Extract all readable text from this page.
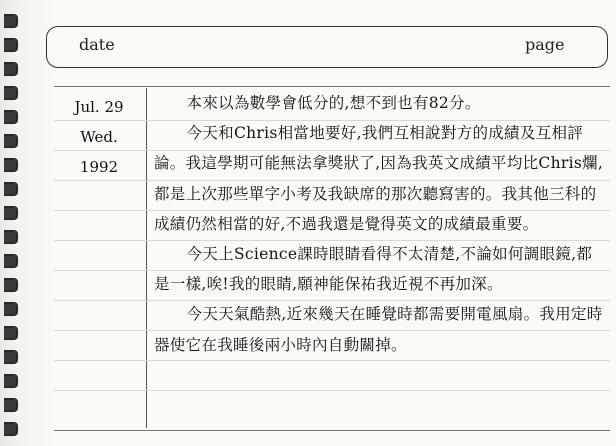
date	page
Jul. 29
Wed.
1992

本來以為數學會低分的,想不到也有82分。

今天和Chris相當地要好,我們互相說對方的成績及互相評論。我這學期可能無法拿獎狀了,因為我英文成績平均比Chris爛,都是上次那些單字小考及我缺席的那次聽寫害的。我其他三科的成績仍然相當的好,不過我還是覺得英文的成績最重要。

今天上Science課時眼睛看得不太清楚,不論如何調眼鏡,都是一樣,唉!我的眼睛,願神能保祐我近視不再加深。

今天天氣酷熱,近來幾天在睡覺時都需要開電風扇。我用定時器使它在我睡後兩小時內自動關掉。
